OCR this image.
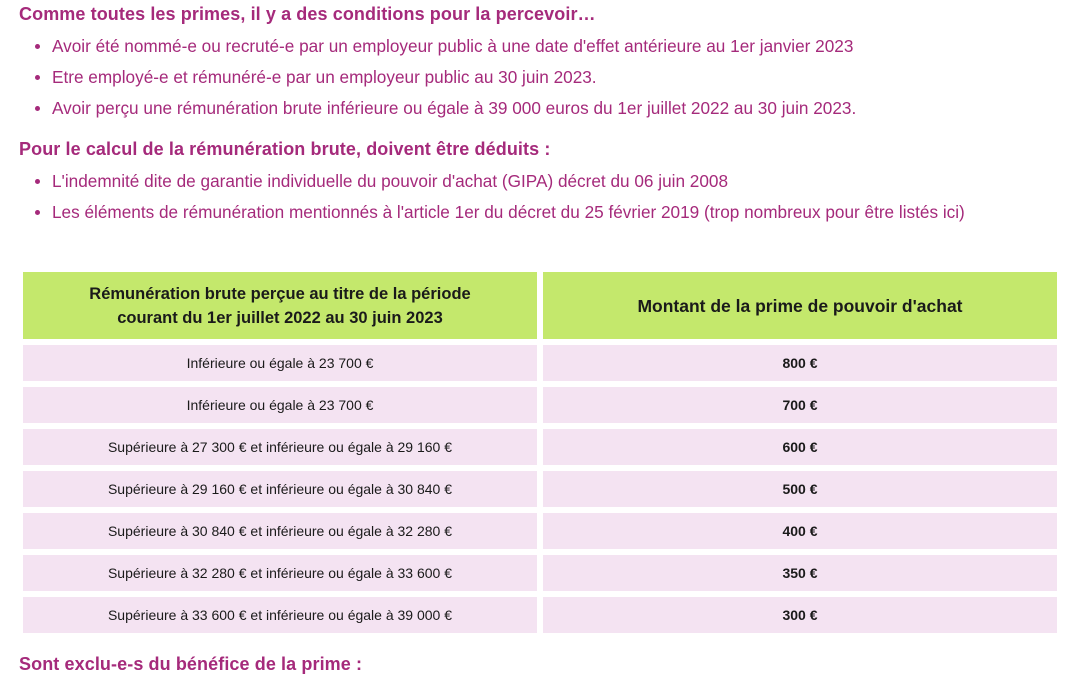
Comme toutes les primes, il y a des conditions pour la percevoir…
Avoir été nommé-e ou recruté-e par un employeur public à une date d'effet antérieure au 1er janvier 2023
Etre employé-e et rémunéré-e par un employeur public au 30 juin 2023.
Avoir perçu une rémunération brute inférieure ou égale à 39 000 euros du 1er juillet 2022 au 30 juin 2023.
Pour le calcul de la rémunération brute, doivent être déduits :
L'indemnité dite de garantie individuelle du pouvoir d'achat (GIPA) décret du 06 juin 2008
Les éléments de rémunération mentionnés à l'article 1er du décret du 25 février 2019 (trop nombreux pour être listés ici)
Rémunération brute perçue au titre de la période courant du 1er juillet 2022 au 30 juin 2023
Montant de la prime de pouvoir d'achat
Inférieure ou égale à 23 700 €	800 €
Inférieure ou égale à 23 700 €	700 €
Supérieure à 27 300 € et inférieure ou égale à 29 160 €	600 €
Supérieure à 29 160 € et inférieure ou égale à 30 840 €	500 €
Supérieure à 30 840 € et inférieure ou égale à 32 280 €	400 €
Supérieure à 32 280 € et inférieure ou égale à 33 600 €	350 €
Supérieure à 33 600 € et inférieure ou égale à 39 000 €	300 €
Sont exclu-e-s du bénéfice de la prime :
